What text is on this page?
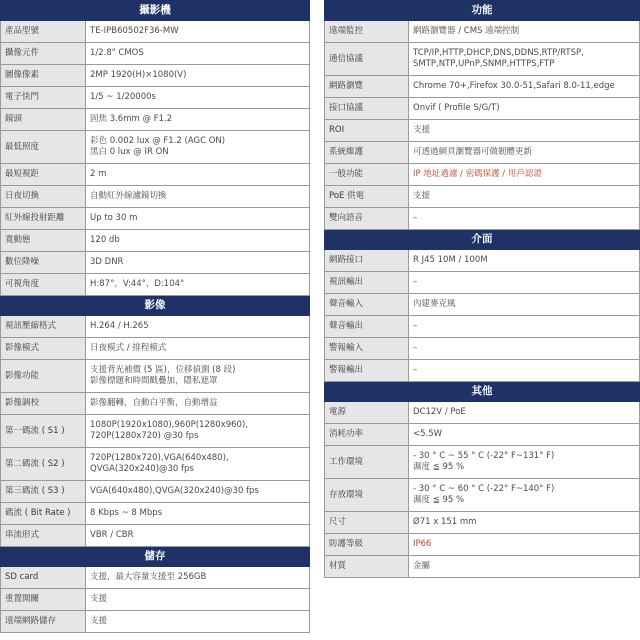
攝影機	
產品型號	TE-IPB60502F36-MW

攝像元件	1/2.8" CMOS

圖像像素	2MP 1920(H)×1080(V)

電子快門	1/5 ~ 1/20000s

鏡頭	固焦 3.6mm @ F1.2

最低照度	彩色 0.002 lux @ F1.2 (AGC ON)
黑白 0 lux @ IR ON

最短視距	2 m

日夜切換	自動紅外線濾鏡切換

紅外線投射距離	Up to 30 m

寬動態	120 db

數位降噪	3D DNR

可視角度	H:87°，V:44°，D:104°

影像	
視訊壓縮格式	H.264 / H.265

影像模式	日夜模式 / 排程模式

影像功能	支援背光補償 (5 區)，位移偵測 (8 段)
影像標題和時間戳疊加，隱私遮罩

影像調校	影像翻轉，自動白平衡，自動增益

第一碼流 ( S1 )	1080P(1920x1080),960P(1280x960),
720P(1280x720) @30 fps

第二碼流 ( S2 )	720P(1280x720),VGA(640x480),
QVGA(320x240)@30 fps

第三碼流 ( S3 )	VGA(640x480),QVGA(320x240)@30 fps

碼流 ( Bit Rate )	8 Kbps ~ 8 Mbps

串流形式	VBR / CBR

儲存	
SD card	支援，最大容量支援至 256GB

重置開關	支援

遠端網路儲存	支援
功能	
遠端監控	網路瀏覽器 / CMS 遠端控制

通信協議	TCP/IP,HTTP,DHCP,DNS,DDNS,RTP/RTSP,
SMTP,NTP,UPnP,SNMP,HTTPS,FTP

網路瀏覽	Chrome 70+,Firefox 30.0-51,Safari 8.0-11,edge

接口協議	Onvif ( Profile S/G/T)

ROI	支援

系統維護	可透過網頁瀏覽器可做韌體更新

一般功能	IP 地址過濾 / 密碼保護 / 用戶認證

PoE 供電	支援

雙向語音	–

介面	
網路接口	R J45 10M / 100M

視訊輸出	–

聲音輸入	內建麥克風

聲音輸出	–

警報輸入	–

警報輸出	–

其他	
電源	DC12V / PoE

消耗功率	<5.5W

工作環境	- 30 ° C ~ 55 ° C (-22° F~131° F)
濕度 ≦ 95 %

存放環境	- 30 ° C ~ 60 ° C (-22° F~140° F)
濕度 ≦ 95 %

尺寸	Ø71 x 151 mm

防護等級	IP66

材質	金屬
